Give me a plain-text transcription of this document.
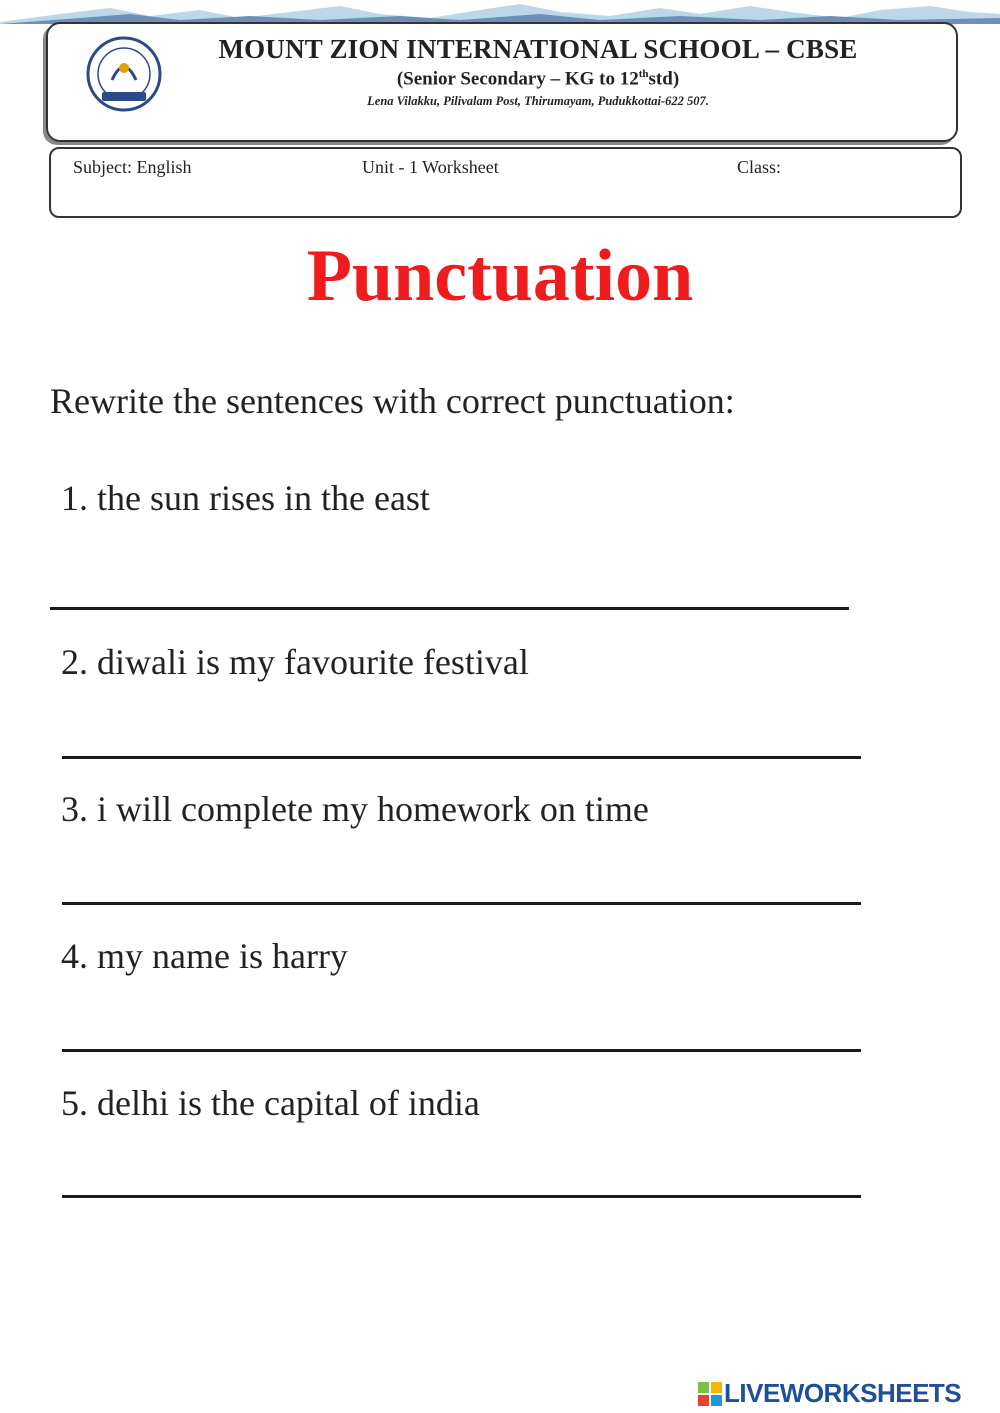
MOUNT ZION INTERNATIONAL SCHOOL – CBSE
(Senior Secondary – KG to 12thstd)
Lena Vilakku, Pilivalam Post, Thirumayam, Pudukkottai-622 507.
Subject: English	Unit - 1 Worksheet	Class:
Punctuation
Rewrite the sentences with correct punctuation:
1. the sun rises in the east
2. diwali is my favourite festival
3. i will complete my homework on time
4. my name is harry
5. delhi is the capital of india
LIVEWORKSHEETS
